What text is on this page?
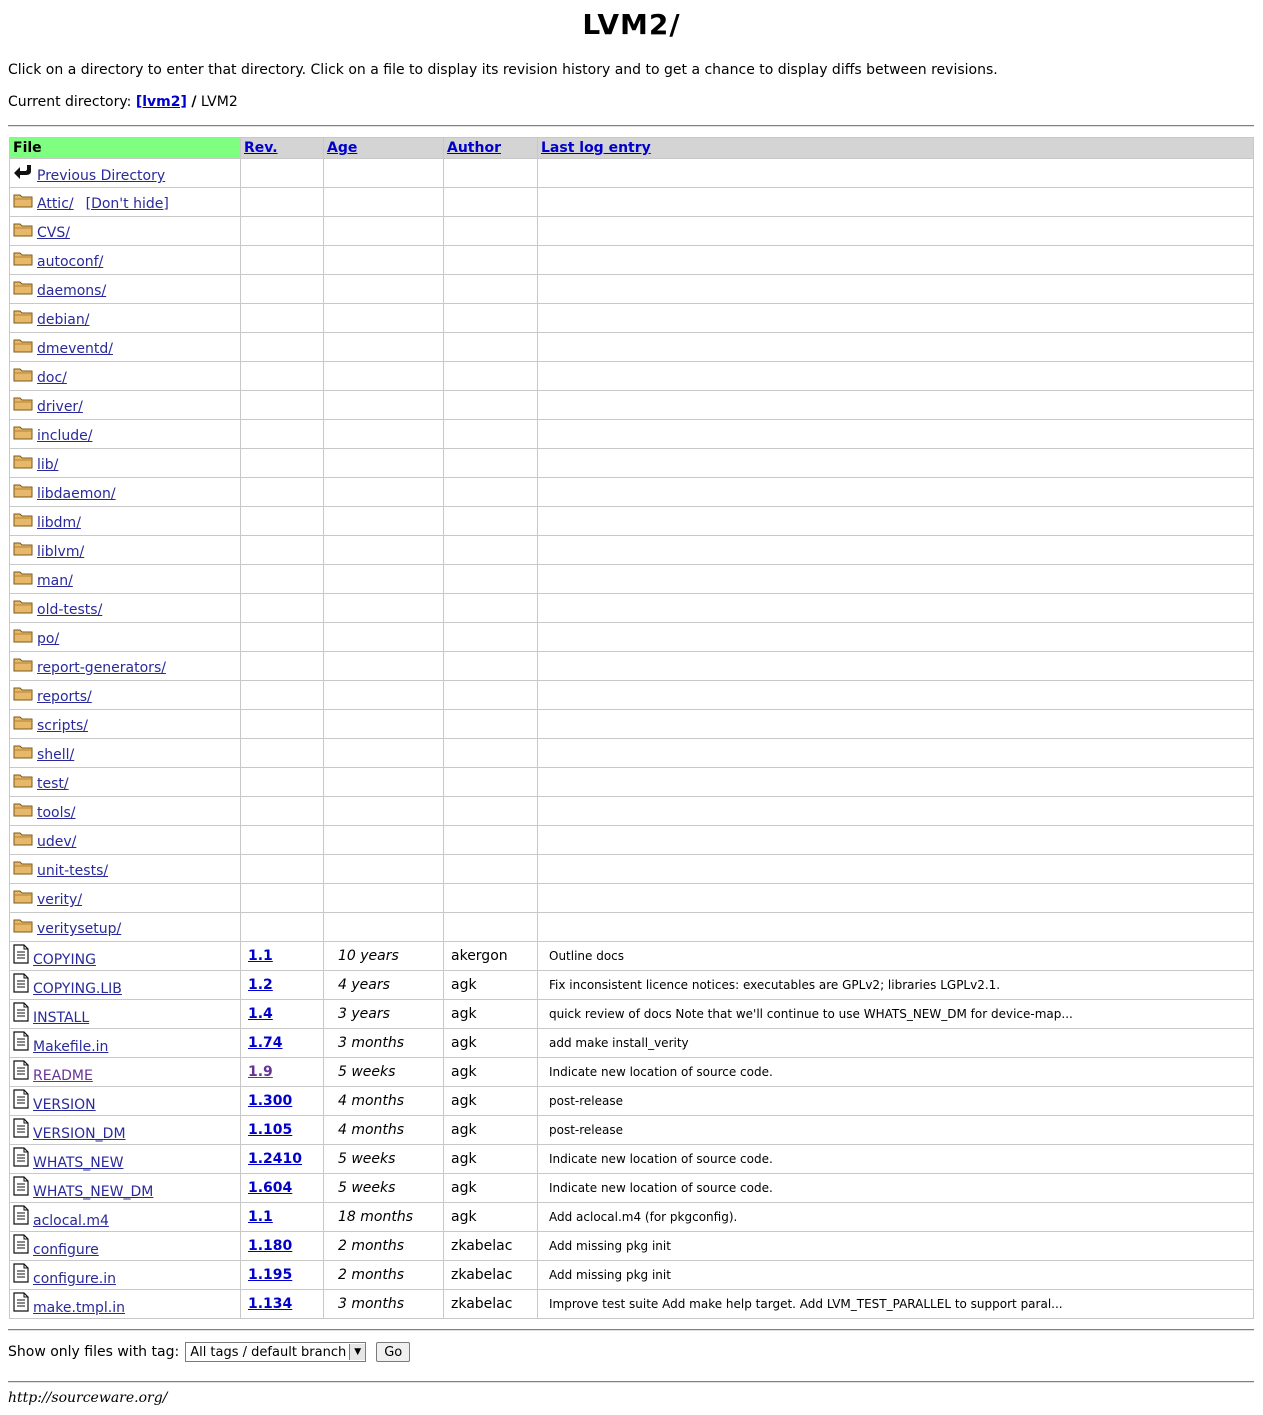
LVM2/
Click on a directory to enter that directory. Click on a file to display its revision history and to get a chance to display diffs between revisions.
Current directory: [lvm2] / LVM2
File	Rev.	Age	Author	Last log entry
Previous Directory				
Attic/ [Don't hide]				
CVS/				
autoconf/				
daemons/				
debian/				
dmeventd/				
doc/				
driver/				
include/				
lib/				
libdaemon/				
libdm/				
liblvm/				
man/				
old-tests/				
po/				
report-generators/				
reports/				
scripts/				
shell/				
test/				
tools/				
udev/				
unit-tests/				
verity/				
veritysetup/				
COPYING	1.1	10 years	akergon	Outline docs
COPYING.LIB	1.2	4 years	agk	Fix inconsistent licence notices: executables are GPLv2; libraries LGPLv2.1.
INSTALL	1.4	3 years	agk	quick review of docs Note that we'll continue to use WHATS_NEW_DM for device-map...
Makefile.in	1.74	3 months	agk	add make install_verity
README	1.9	5 weeks	agk	Indicate new location of source code.
VERSION	1.300	4 months	agk	post-release
VERSION_DM	1.105	4 months	agk	post-release
WHATS_NEW	1.2410	5 weeks	agk	Indicate new location of source code.
WHATS_NEW_DM	1.604	5 weeks	agk	Indicate new location of source code.
aclocal.m4	1.1	18 months	agk	Add aclocal.m4 (for pkgconfig).
configure	1.180	2 months	zkabelac	Add missing pkg init
configure.in	1.195	2 months	zkabelac	Add missing pkg init
make.tmpl.in	1.134	3 months	zkabelac	Improve test suite Add make help target. Add LVM_TEST_PARALLEL to support paral...
Show only files with tag: All tags / default branch ▼	Go
http://sourceware.org/
